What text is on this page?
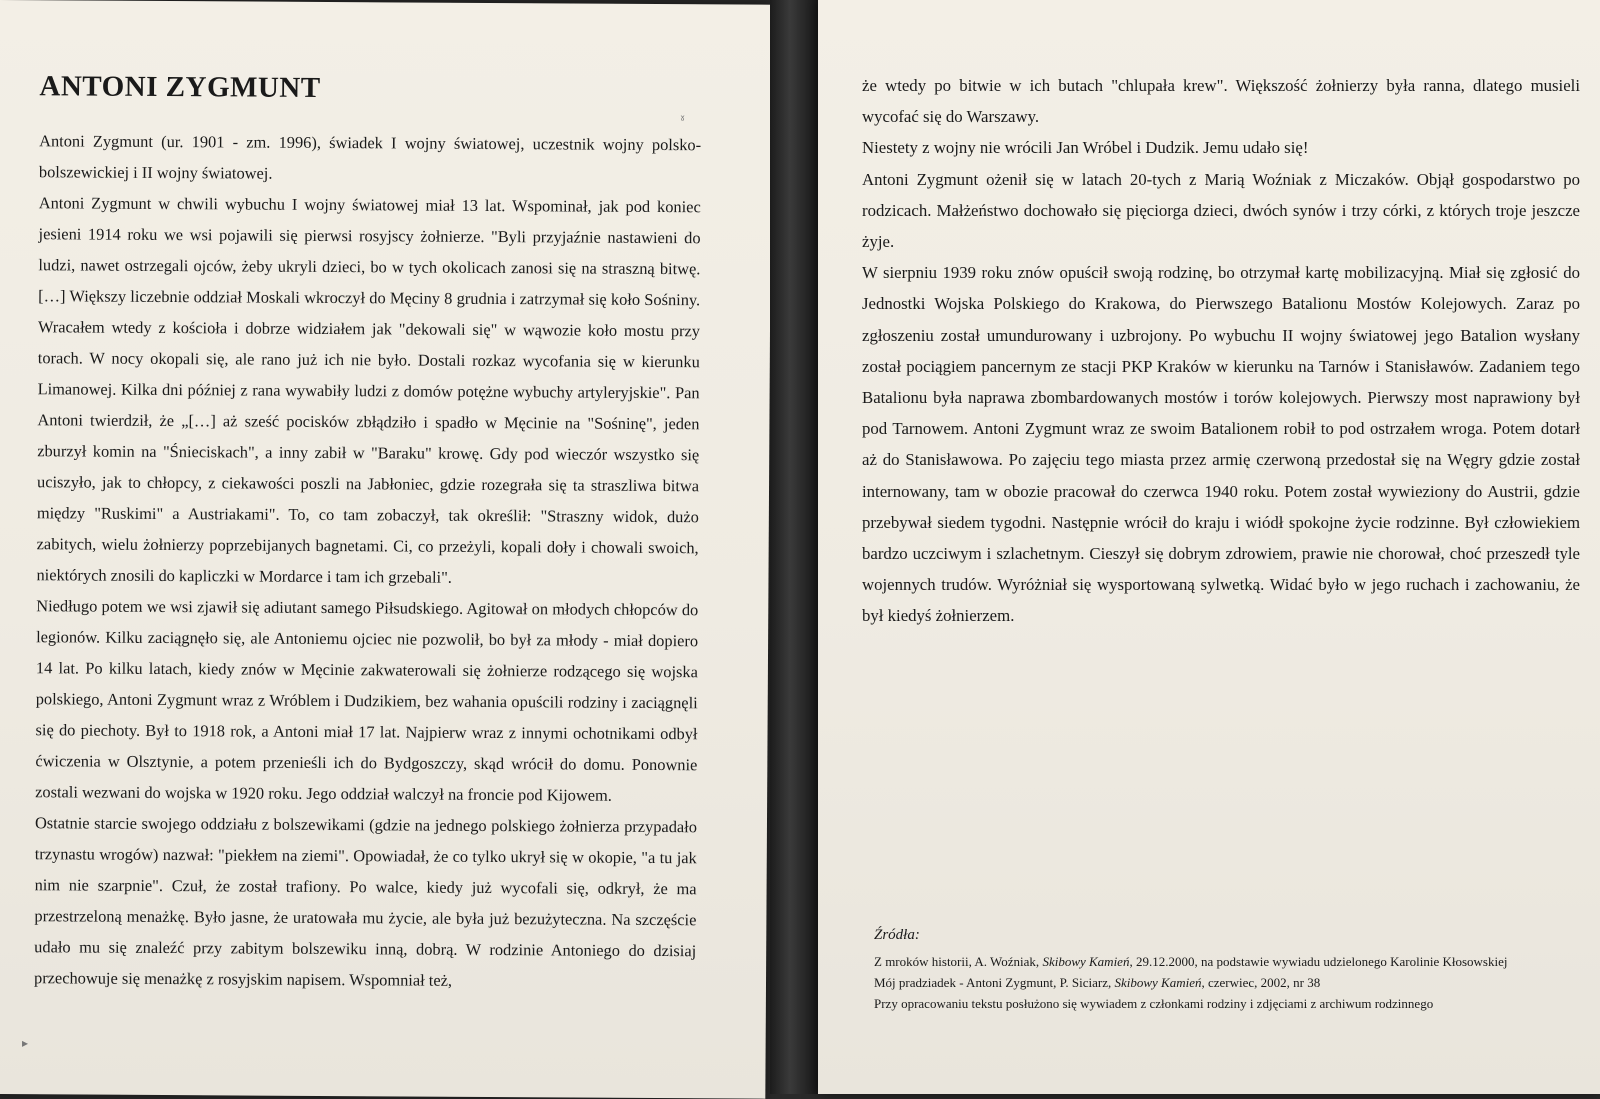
ANTONI ZYGMUNT

Antoni Zygmunt (ur. 1901 - zm. 1996), świadek I wojny światowej, uczestnik wojny polsko-bolszewickiej i II wojny światowej.

Antoni Zygmunt w chwili wybuchu I wojny światowej miał 13 lat. Wspominał, jak pod koniec jesieni 1914 roku we wsi pojawili się pierwsi rosyjscy żołnierze. "Byli przyjaźnie nastawieni do ludzi, nawet ostrzegali ojców, żeby ukryli dzieci, bo w tych okolicach zanosi się na straszną bitwę. […] Większy liczebnie oddział Moskali wkroczył do Męciny 8 grudnia i zatrzymał się koło Sośniny. Wracałem wtedy z kościoła i dobrze widziałem jak "dekowali się" w wąwozie koło mostu przy torach. W nocy okopali się, ale rano już ich nie było. Dostali rozkaz wycofania się w kierunku Limanowej. Kilka dni później z rana wywabiły ludzi z domów potężne wybuchy artyleryjskie". Pan Antoni twierdził, że „[…] aż sześć pocisków zbłądziło i spadło w Męcinie na "Sośninę", jeden zburzył komin na "Śnieciskach", a inny zabił w "Baraku" krowę. Gdy pod wieczór wszystko się uciszyło, jak to chłopcy, z ciekawości poszli na Jabłoniec, gdzie rozegrała się ta straszliwa bitwa między "Ruskimi" a Austriakami". To, co tam zobaczył, tak określił: "Straszny widok, dużo zabitych, wielu żołnierzy poprzebijanych bagnetami. Ci, co przeżyli, kopali doły i chowali swoich, niektórych znosili do kapliczki w Mordarce i tam ich grzebali".

Niedługo potem we wsi zjawił się adiutant samego Piłsudskiego. Agitował on młodych chłopców do legionów. Kilku zaciągnęło się, ale Antoniemu ojciec nie pozwolił, bo był za młody - miał dopiero 14 lat. Po kilku latach, kiedy znów w Męcinie zakwaterowali się żołnierze rodzącego się wojska polskiego, Antoni Zygmunt wraz z Wróblem i Dudzikiem, bez wahania opuścili rodziny i zaciągnęli się do piechoty. Był to 1918 rok, a Antoni miał 17 lat. Najpierw wraz z innymi ochotnikami odbył ćwiczenia w Olsztynie, a potem przenieśli ich do Bydgoszczy, skąd wrócił do domu. Ponownie zostali wezwani do wojska w 1920 roku. Jego oddział walczył na froncie pod Kijowem.

Ostatnie starcie swojego oddziału z bolszewikami (gdzie na jednego polskiego żołnierza przypadało trzynastu wrogów) nazwał: "piekłem na ziemi". Opowiadał, że co tylko ukrył się w okopie, "a tu jak nim nie szarpnie". Czuł, że został trafiony. Po walce, kiedy już wycofali się, odkrył, że ma przestrzeloną menażkę. Było jasne, że uratowała mu życie, ale była już bezużyteczna. Na szczęście udało mu się znaleźć przy zabitym bolszewiku inną, dobrą. W rodzinie Antoniego do dzisiaj przechowuje się menażkę z rosyjskim napisem. Wspomniał też,

że wtedy po bitwie w ich butach "chlupała krew". Większość żołnierzy była ranna, dlatego musieli wycofać się do Warszawy.

Niestety z wojny nie wrócili Jan Wróbel i Dudzik. Jemu udało się!

Antoni Zygmunt ożenił się w latach 20-tych z Marią Woźniak z Miczaków. Objął gospodarstwo po rodzicach. Małżeństwo dochowało się pięciorga dzieci, dwóch synów i trzy córki, z których troje jeszcze żyje.

W sierpniu 1939 roku znów opuścił swoją rodzinę, bo otrzymał kartę mobilizacyjną. Miał się zgłosić do Jednostki Wojska Polskiego do Krakowa, do Pierwszego Batalionu Mostów Kolejowych. Zaraz po zgłoszeniu został umundurowany i uzbrojony. Po wybuchu II wojny światowej jego Batalion wysłany został pociągiem pancernym ze stacji PKP Kraków w kierunku na Tarnów i Stanisławów. Zadaniem tego Batalionu była naprawa zbombardowanych mostów i torów kolejowych. Pierwszy most naprawiony był pod Tarnowem. Antoni Zygmunt wraz ze swoim Batalionem robił to pod ostrzałem wroga. Potem dotarł aż do Stanisławowa. Po zajęciu tego miasta przez armię czerwoną przedostał się na Węgry gdzie został internowany, tam w obozie pracował do czerwca 1940 roku. Potem został wywieziony do Austrii, gdzie przebywał siedem tygodni. Następnie wrócił do kraju i wiódł spokojne życie rodzinne. Był człowiekiem bardzo uczciwym i szlachetnym. Cieszył się dobrym zdrowiem, prawie nie chorował, choć przeszedł tyle wojennych trudów. Wyróżniał się wysportowaną sylwetką. Widać było w jego ruchach i zachowaniu, że był kiedyś żołnierzem.

Źródła:

Z mroków historii, A. Woźniak, Skibowy Kamień, 29.12.2000, na podstawie wywiadu udzielonego Karolinie Kłosowskiej

Mój pradziadek - Antoni Zygmunt, P. Siciarz, Skibowy Kamień, czerwiec, 2002, nr 38

Przy opracowaniu tekstu posłużono się wywiadem z członkami rodziny i zdjęciami z archiwum rodzinnego

ˠ
▸
